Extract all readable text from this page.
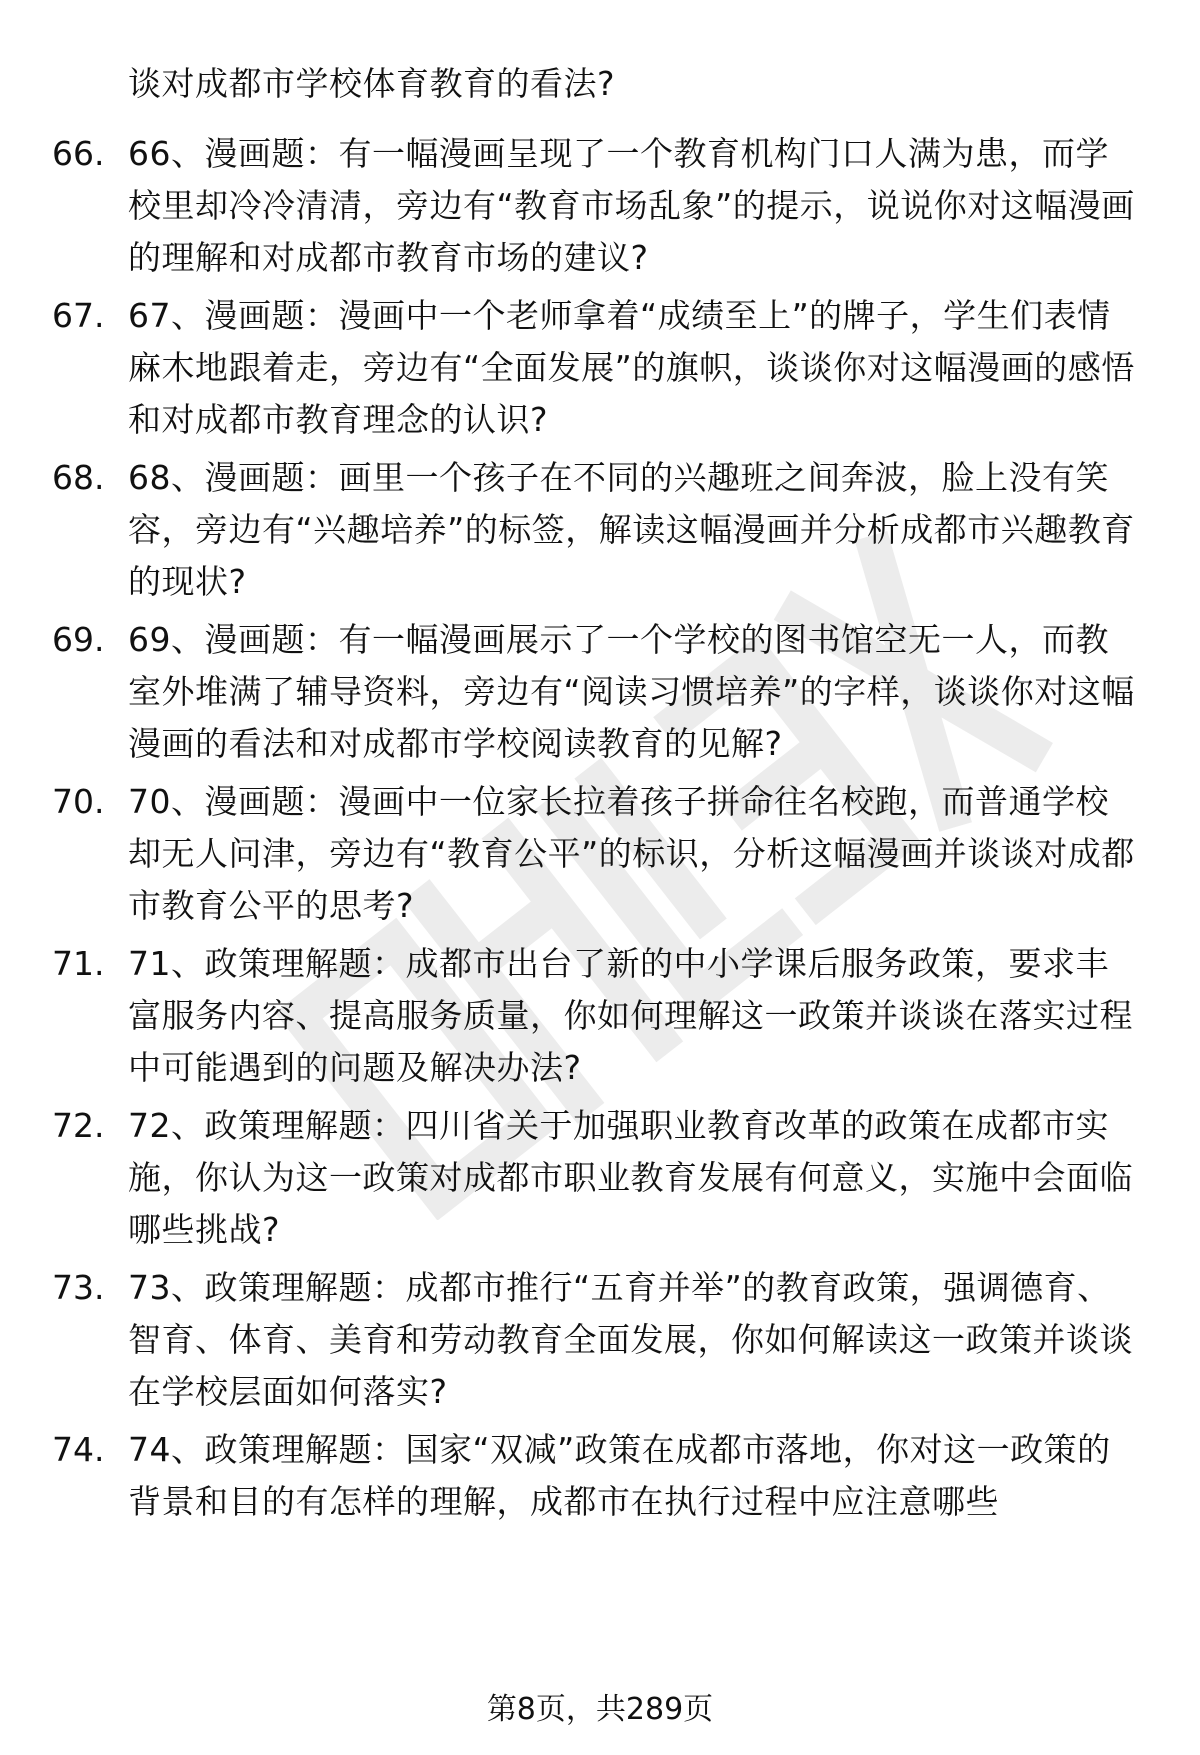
谈对成都市学校体育教育的看法?
66. 66、漫画题：有一幅漫画呈现了一个教育机构门口人满为患，而学校里却冷冷清清，旁边有“教育市场乱象”的提示，说说你对这幅漫画的理解和对成都市教育市场的建议?
67. 67、漫画题：漫画中一个老师拿着“成绩至上”的牌子，学生们表情麻木地跟着走，旁边有“全面发展”的旗帜，谈谈你对这幅漫画的感悟和对成都市教育理念的认识?
68. 68、漫画题：画里一个孩子在不同的兴趣班之间奔波，脸上没有笑容，旁边有“兴趣培养”的标签，解读这幅漫画并分析成都市兴趣教育的现状?
69. 69、漫画题：有一幅漫画展示了一个学校的图书馆空无一人，而教室外堆满了辅导资料，旁边有“阅读习惯培养”的字样，谈谈你对这幅漫画的看法和对成都市学校阅读教育的见解?
70. 70、漫画题：漫画中一位家长拉着孩子拼命往名校跑，而普通学校却无人问津，旁边有“教育公平”的标识，分析这幅漫画并谈谈对成都市教育公平的思考?
71. 71、政策理解题：成都市出台了新的中小学课后服务政策，要求丰富服务内容、提高服务质量，你如何理解这一政策并谈谈在落实过程中可能遇到的问题及解决办法?
72. 72、政策理解题：四川省关于加强职业教育改革的政策在成都市实施，你认为这一政策对成都市职业教育发展有何意义，实施中会面临哪些挑战?
73. 73、政策理解题：成都市推行“五育并举”的教育政策，强调德育、智育、体育、美育和劳动教育全面发展，你如何解读这一政策并谈谈在学校层面如何落实?
74. 74、政策理解题：国家“双减”政策在成都市落地，你对这一政策的背景和目的有怎样的理解，成都市在执行过程中应注意哪些
第8页，共289页
